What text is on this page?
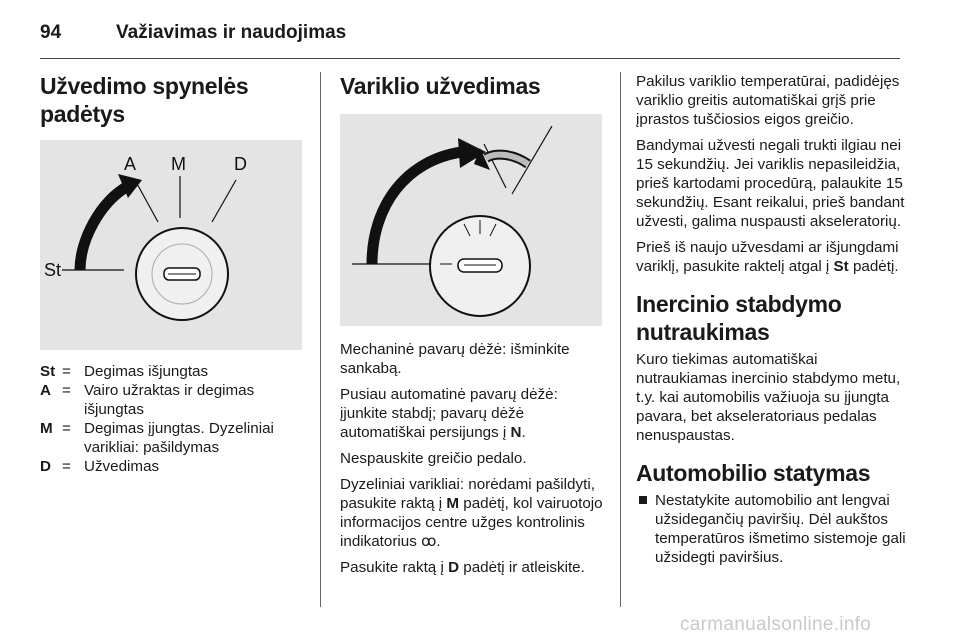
94	Važiavimas ir naudojimas
Užvedimo spynelės padėtys
A M	D
St
St	=	Degimas išjungtas
A	=	Vairo užraktas ir degimas išjungtas
M	=	Degimas įjungtas. Dyzeliniai varikliai: pašildymas
D	=	Užvedimas
Variklio užvedimas

Mechaninė pavarų dėžė: išminkite sankabą.

Pusiau automatinė pavarų dėžė: įjunkite stabdį; pavarų dėžė automatiškai persijungs į N.

Nespauskite greičio pedalo.

Dyzeliniai varikliai: norėdami pašildyti, pasukite raktą į M padėtį, kol vairuotojo informacijos centre užges kontrolinis indikatorius ꝏ.

Pasukite raktą į D padėtį ir atleiskite.

Pakilus variklio temperatūrai, padidėjęs variklio greitis automatiškai grįš prie įprastos tuščiosios eigos greičio.

Bandymai užvesti negali trukti ilgiau nei 15 sekundžių. Jei variklis nepasileidžia, prieš kartodami procedūrą, palaukite 15 sekundžių. Esant reikalui, prieš bandant užvesti, galima nuspausti akseleratorių.

Prieš iš naujo užvesdami ar išjungdami variklį, pasukite raktelį atgal į St padėtį.

Inercinio stabdymo nutraukimas

Kuro tiekimas automatiškai nutraukiamas inercinio stabdymo metu, t.y. kai automobilis važiuoja su įjungta pavara, bet akseleratoriaus pedalas nenuspaustas.

Automobilio statymas
Nestatykite automobilio ant lengvai užsidegančių paviršių. Dėl aukštos temperatūros išmetimo sistemoje gali užsidegti paviršius.
carmanualsonline.info
